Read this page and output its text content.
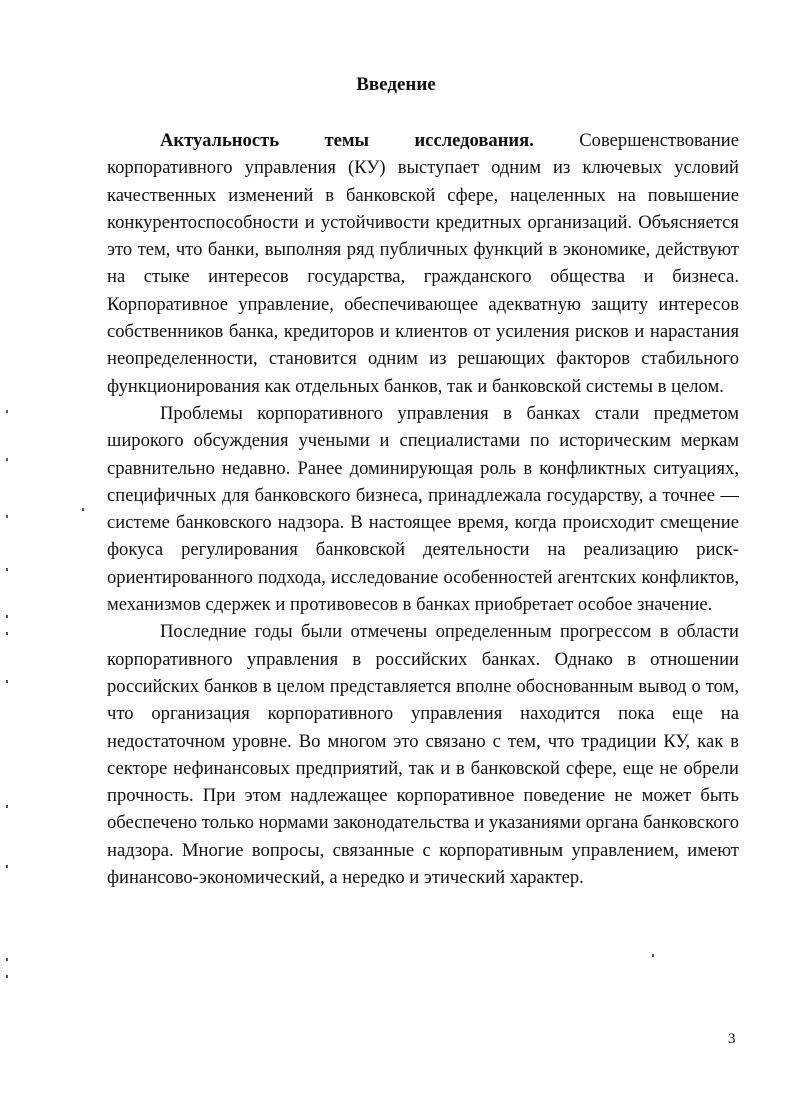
Введение

Актуальность темы исследования. Совершенствование корпоративного управления (КУ) выступает одним из ключевых условий качественных изменений в банковской сфере, нацеленных на повышение конкурентоспособности и устойчивости кредитных организаций. Объясняется это тем, что банки, выполняя ряд публичных функций в экономике, действуют на стыке интересов государства, гражданского общества и бизнеса. Корпоративное управление, обеспечивающее адекватную защиту интересов собственников банка, кредиторов и клиентов от усиления рисков и нарастания неопределенности, становится одним из решающих факторов стабильного функционирования как отдельных банков, так и банковской системы в целом.

Проблемы корпоративного управления в банках стали предметом широкого обсуждения учеными и специалистами по историческим меркам сравнительно недавно. Ранее доминирующая роль в конфликтных ситуациях, специфичных для банковского бизнеса, принадлежала государству, а точнее — системе банковского надзора. В настоящее время, когда происходит смещение фокуса регулирования банковской деятельности на реализацию риск-ориентированного подхода, исследование особенностей агентских конфликтов, механизмов сдержек и противовесов в банках приобретает особое значение.

Последние годы были отмечены определенным прогрессом в области корпоративного управления в российских банках. Однако в отношении российских банков в целом представляется вполне обоснованным вывод о том, что организация корпоративного управления находится пока еще на недостаточном уровне. Во многом это связано с тем, что традиции КУ, как в секторе нефинансовых предприятий, так и в банковской сфере, еще не обрели прочность. При этом надлежащее корпоративное поведение не может быть обеспечено только нормами законодательства и указаниями органа банковского надзора. Многие вопросы, связанные с корпоративным управлением, имеют финансово-экономический, а нередко и этический характер.

3
